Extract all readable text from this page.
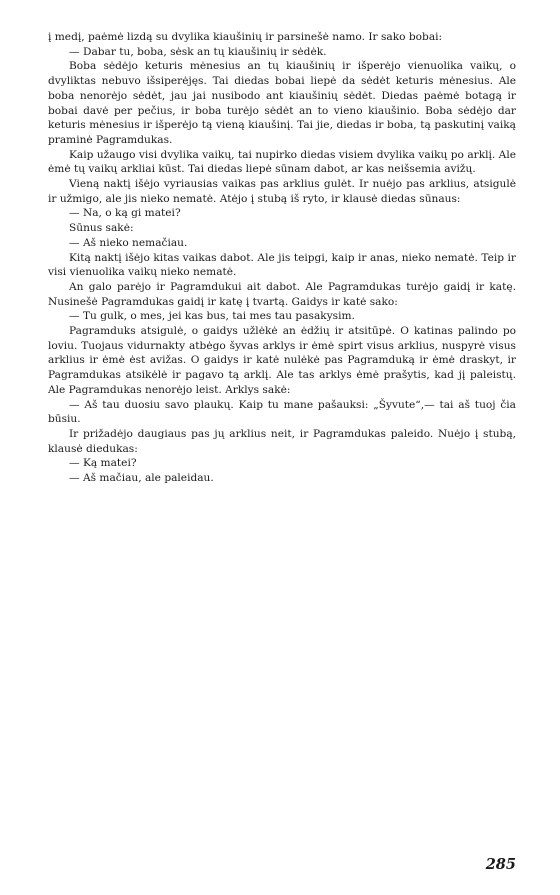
į medį, paėmė lizdą su dvylika kiaušinių ir parsinešė namo. Ir sako bobai:

— Dabar tu, boba, sėsk an tų kiaušinių ir sėdėk.

Boba sėdėjo keturis mėnesius an tų kiaušinių ir išperėjo vienuolika vaikų, o dvyliktas nebuvo išsiperėjęs. Tai diedas bobai liepė da sėdėt keturis mėnesius. Ale boba nenorėjo sėdėt, jau jai nusibodo ant kiaušinių sėdėt. Diedas paėmė botagą ir bobai davė per pečius, ir boba turėjo sėdėt an to vieno kiaušinio. Boba sėdėjo dar keturis mėnesius ir išperėjo tą vieną kiaušinį. Tai jie, diedas ir boba, tą paskutinį vaiką praminė Pagramdukas.

Kaip užaugo visi dvylika vaikų, tai nupirko diedas visiem dvylika vaikų po arklį. Ale ėmė tų vaikų arkliai kūst. Tai diedas liepė sūnam dabot, ar kas neišsemia avižų.

Vieną naktį išėjo vyriausias vaikas pas arklius gulėt. Ir nuėjo pas arklius, atsigulė ir užmigo, ale jis nieko nematė. Atėjo į stubą iš ryto, ir klausė diedas sūnaus:

— Na, o ką gi matei?

Sūnus sakė:

— Aš nieko nemačiau.

Kitą naktį išėjo kitas vaikas dabot. Ale jis teipgi, kaip ir anas, nieko nematė. Teip ir visi vienuolika vaikų nieko nematė.

An galo parėjo ir Pagramdukui ait dabot. Ale Pagramdukas turėjo gaidį ir katę. Nusinešė Pagramdukas gaidį ir katę į tvartą. Gaidys ir katė sako:

— Tu gulk, o mes, jei kas bus, tai mes tau pasakysim.

Pagramduks atsigulė, o gaidys užlėkė an ėdžių ir atsitūpė. O katinas palindo po loviu. Tuojaus vidurnakty atbėgo šyvas arklys ir ėmė spirt visus arklius, nuspyrė visus arklius ir ėmė ėst avižas. O gaidys ir katė nulėkė pas Pagramduką ir ėmė draskyt, ir Pagramdukas atsikėlė ir pagavo tą arklį. Ale tas arklys ėmė prašytis, kad jį paleistų. Ale Pagramdukas nenorėjo leist. Arklys sakė:

— Aš tau duosiu savo plaukų. Kaip tu mane pašauksi: „Šyvute“,— tai aš tuoj čia būsiu.

Ir prižadėjo daugiaus pas jų arklius neit, ir Pagramdukas paleido. Nuėjo į stubą, klausė diedukas:

— Ką matei?

— Aš mačiau, ale paleidau.

285
